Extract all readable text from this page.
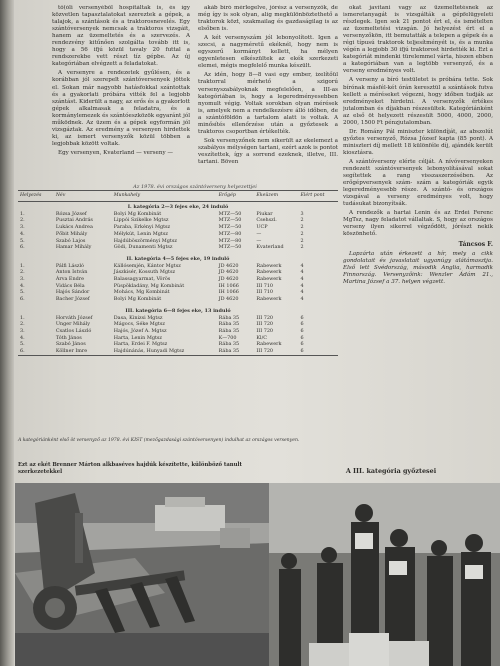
tő(óli versenyéből hospitáltak is, és így közvetlen tapasztalatokat szereztek a gépek, a talajok, a szántások és a traktorosnevelés. Egy szántóversenyek nemcsak a traktoros vizsgáit, hanem az üzemeltetés és a szervezés. A rendezvény kitűnően szolgálta tovább itt is, hogy a 56 ifjú közül tavaly 20 futtal a rendszerekbe vett részt tíz gépbe. Az új kategóriában elvégzett a feladatokat.

A versenyre a rendezetek gyűlésen, és a korábban jól szerepelt szántóversenyek jöttek el. Sokan már nagyobb hatásfokkal szántottak és a gyakorlati próbára vitték fel a legjobb szántást. Kiderült a nagy, az erős és a gyakorlott gépek alkalmasak a feladatra, és a kormánylemezek és szántóeszközök egyaránt jól működnek. Az üzem és a gépek egyformán jól vizsgáztak. Az eredmény a versenyen hirdettek ki, az ismert versenyzők közül többen a legjobbak között voltak.

Egy versenyen, Kvaterland — verseny —

akáb bíró mérlegelve, jórész a versenyzők, de még így is sok olyan, alig megkülönböztethető a traktorok közt, szakmailag és gazdaságilag is az elsőben is.

A két versenyszám jól lebonyolított. Igen a szecsi, a nagyméretű ekéknél, hogy nem is egyszerű kormányt kellett, ha mélyen egyenletesen elkészültek az ekék szerkezeti elemei, mégis megfelelő munka készült.

Az idén, hogy 8—8 vasi egy ember, izelítőül traktorral mérhető a szigorú versenyszabályoknak megfelelően, a III-as kategóriában is, hogy a legeredményesebben nyomult végig. Voltak sorokban olyan mérések is, amelyek nem a rendelkezésre álló időben, de a szántóföldön a tartalom alatt is voltak. A minősítés ellenőrzése után a győztesek a traktoros csoportban értékelték.

Sok versenyzőnek nem sikerült az ekelemezt a szabályos mélységen tartani, ezért azok is pontot veszítettek, így a sorrend ezeknek, illetve, III. tartani. Böven

okat javítani vagy az üzemeltetésnek az ismeretanyagát is vizsgálták a gépfelügyeleti részlegek. Igen sok 21 pontot ért el, és ismételten az üzemeltetési vizsgán. Jó helyezést ért el a versenyzőkön, itt bemutatták a telepen a gépek és a régi típusú traktorok teljesítményét is, és a munka végén a legjobb 30 ifjú traktorost hirdették ki. Ezt a kategóriát mindenki türelemmel várta, hiszen ebben a kategóriában van a legtöbb versenyző, és a verseny eredményes volt.

A verseny a bíró testületet is próbára tette. Sok bírónak másfél-két órán keresztül a szántások futva kellett a méréseket végezni, hogy időben tudják az eredményeket hirdetni. A versenyzők értékes jutalomban és díjakban részesültek. Kategóriánként az első öt helyezett részesült 5000, 4000, 2000, 2000, 1500 Ft pénzjutalomban.

Dr. Romány Pál miniszter különdíját, az abszolút győztes versenyző, Rózsa József kapta (85 pont). A miniszteri díj mellett 18 különféle díj, ajándék került kiosztásra.

A szántóverseny elérte célját. A nívóversenyeken rendezett szántóversenyek lebonyolításával sokat segítettek a rang visszaszerzésében. Az erőgépversenyek szám- szám a kategóriák egyik legeredményesebb része. A szántó- és országos vizsgával a verseny eredményes volt, hogy tudásukat bizonyítsák.

A rendezők a hartai Lenin és az Erdei Ferenc MgTsz, nagy feladatot vállaltak. S, hogy az országos verseny ilyen sikerrel végződött, jórészt nekik köszönhető.

Táncsos F.

Lapzárta után érkezett a hír, mely a cikk gondolatait és javaslatait ugyanúgy alátámasztja. Első lett Svédország, második Anglia, harmadik Finnország. Versenyzőink: Wenzler Ádám 21., Martina József a 37. helyen végzett.

Az 1978. évi országos szántóverseny helyezettjei
Helyezés	Név	Munkahely	Erőgép	Ekeüzem	Elért pont
I. kategória 2—3 fejes eke, 24 induló					
1.	Rózsa József	Bolyi Mg Kombinát	MTZ—50	Piukar	3
2.	Pusztai András	Lippói Szikelke Mgtsz	MTZ—50	Csehszl.	2
3.	Lukács Andrea	Paraba, Erkényi Mgtsz	MTZ—50	UCP	2
4.	Pőbit Mihály	Mélykút, Lenin Mgtsz	MTZ—80	—	2
5.	Szabó Lajos	Hajdúböszörményi Mgtsz	MTZ—80	—	2
6.	Hamar Mihály	Gödi, Dunamenti Mgtsz	MTZ—50	Kvaterland	2

II. kategória 4—5 fejes eke, 19 induló					
1.	Pálfi László	Kállósemjén, Kántor Mgtsz	JD 4620	Rabewerk	4
2.	Anton István	Jászkisér, Kossuth Mgtsz	JD 4620	Rabewerk	4
3.	Árva Endre	Balassagyarmat, Vörös	JD 4620	Rabewerk	4
4.	Vidács Béla	Püspökladány, Mg Kombinát	IH 1066	III 710	4
5.	Hajós Sándor	Mohács, Mg Kombinát	IH 1066	III 710	4
6.	Bacher József	Bolyi Mg Kombinát	JD 4620	Rabewerk	4

III. kategória 6—8 fejes eke, 13 induló					
1.	Horváth József	Dasa, Kinizsi Mgtsz	Rába 35	III 720	6
2.	Unger Mihály	Mágocs, Séke Mgtsz	Rába 35	III 720	6
3.	Csatlos László	Hajós, Józef A. Mgtsz	Rába 35	III 720	6
4.	Tóth János	Harta, Lenin Mgtsz	K—700	Kl/C	6
5.	Szabó János	Harta, Erdei F. Mgtsz	Rába 35	Rabewerk	6
6.	Köllner Imre	Hajdúnánás, Hunyadi Mgtsz	Rába 35	III 720	6
A kategóriánként első öt versenyző az 1978. évi KIST (mezőgazdasági szántóversenyen) indulhat az országos versenyen.
Ezt az ekét Brenner Márton alkbaséves hajdúk készítette, különböző tanult szerkezetekkel	A III. kategória győztesei
